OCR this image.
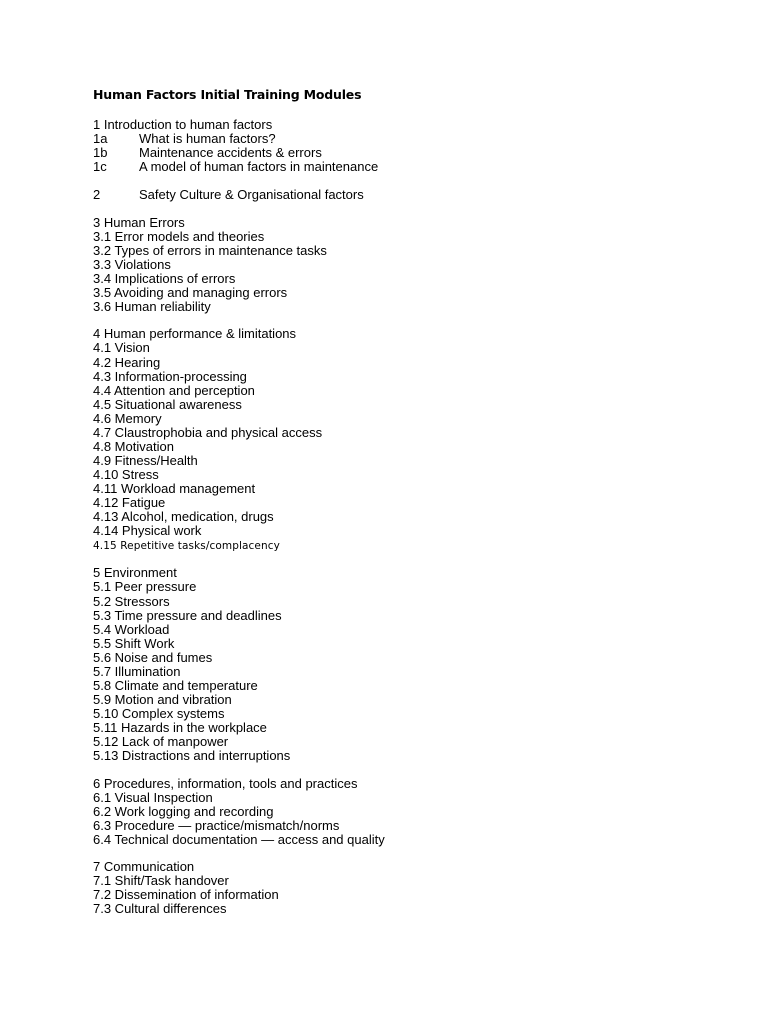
Human Factors Initial Training Modules
1 Introduction to human factors
1a What is human factors?
1b Maintenance accidents & errors
1c A model of human factors in maintenance
2	Safety Culture & Organisational factors
3 Human Errors
3.1 Error models and theories
3.2 Types of errors in maintenance tasks
3.3 Violations
3.4 Implications of errors
3.5 Avoiding and managing errors
3.6 Human reliability
4 Human performance & limitations
4.1 Vision
4.2 Hearing
4.3 Information-processing
4.4 Attention and perception
4.5 Situational awareness
4.6 Memory
4.7 Claustrophobia and physical access
4.8 Motivation
4.9 Fitness/Health
4.10 Stress
4.11 Workload management
4.12 Fatigue
4.13 Alcohol, medication, drugs
4.14 Physical work
4.15 Repetitive tasks/complacency
5 Environment
5.1 Peer pressure
5.2 Stressors
5.3 Time pressure and deadlines
5.4 Workload
5.5 Shift Work
5.6 Noise and fumes
5.7 Illumination
5.8 Climate and temperature
5.9 Motion and vibration
5.10 Complex systems
5.11 Hazards in the workplace
5.12 Lack of manpower
5.13 Distractions and interruptions
6 Procedures, information, tools and practices
6.1 Visual Inspection
6.2 Work logging and recording
6.3 Procedure — practice/mismatch/norms
6.4 Technical documentation — access and quality
7 Communication
7.1 Shift/Task handover
7.2 Dissemination of information
7.3 Cultural differences
